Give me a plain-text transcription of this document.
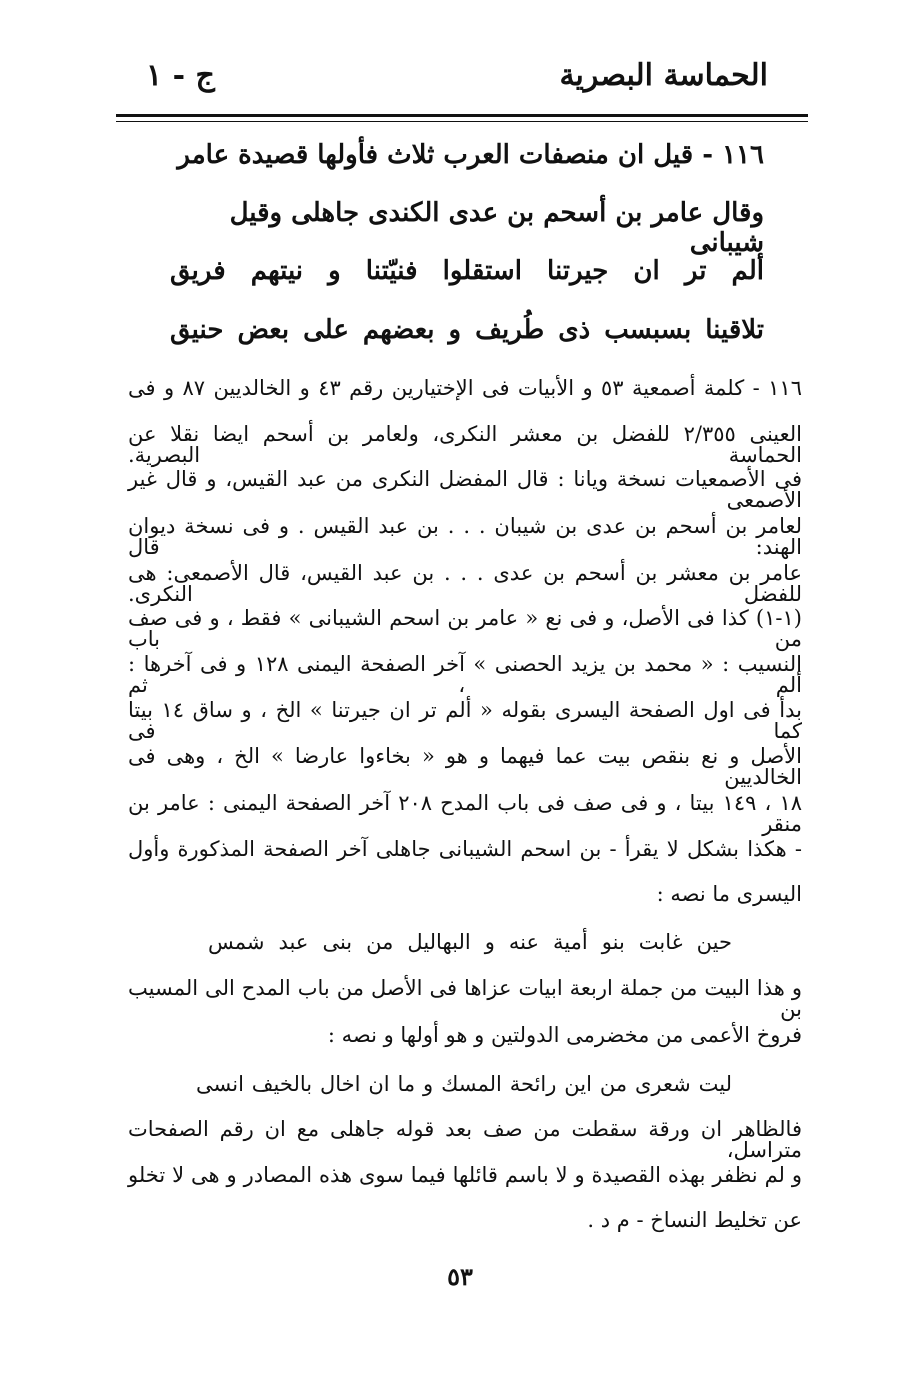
الحماسة البصرية
ج - ١
١١٦ - قيل ان منصفات العرب ثلاث فأولها قصيدة عامر
وقال عامر بن أسحم بن عدى الكندى جاهلى وقيل شيبانى
ألم تر ان جيرتنا استقلوا فنيّتنا و نيتهم فريق
تلاقينا بسبسب ذى طُريف و بعضهم على بعض حنيق
١١٦ - كلمة أصمعية ٥٣ و الأبيات فى الإختيارين رقم ٤٣ و الخالديين ٨٧ و فى
العينى ٢/٣٥٥ للفضل بن معشر النكرى، ولعامر بن أسحم ايضا نقلا عن الحماسة البصرية.
فى الأصمعيات نسخة ويانا : قال المفضل النكرى من عبد القيس، و قال غير الأصمعى
لعامر بن أسحم بن عدى بن شيبان . . . بن عبد القيس . و فى نسخة ديوان الهند: قال
عامر بن معشر بن أسحم بن عدى . . . بن عبد القيس، قال الأصمعى: هى للفضل النكرى.
(١-١) كذا فى الأصل، و فى نع « عامر بن اسحم الشيبانى » فقط ، و فى صف من باب
النسيب : « محمد بن يزيد الحصنى » آخر الصفحة اليمنى ١٢٨ و فى آخرها : ألم ، ثم
بدأ فى اول الصفحة اليسرى بقوله « ألم تر ان جيرتنا » الخ ، و ساق ١٤ بيتا كما فى
الأصل و نع بنقص بيت عما فيهما و هو « بخاءوا عارضا » الخ ، وهى فى الخالديين
١٨ ، ١٤٩ بيتا ، و فى صف فى باب المدح ٢٠٨ آخر الصفحة اليمنى : عامر بن منقر
- هكذا بشكل لا يقرأ - بن اسحم الشيبانى جاهلى آخر الصفحة المذكورة وأول
اليسرى ما نصه :
حين غابت بنو أمية عنه و البهاليل من بنى عبد شمس
و هذا البيت من جملة اربعة ابيات عزاها فى الأصل من باب المدح الى المسيب بن
فروخ الأعمى من مخضرمى الدولتين و هو أولها و نصه :
ليت شعرى من اين رائحة المسك و ما ان اخال بالخيف انسى
فالظاهر ان ورقة سقطت من صف بعد قوله جاهلى مع ان رقم الصفحات متراسل،
و لم نظفر بهذه القصيدة و لا باسم قائلها فيما سوى هذه المصادر و هى لا تخلو
عن تخليط النساخ - م د .
٥٣
